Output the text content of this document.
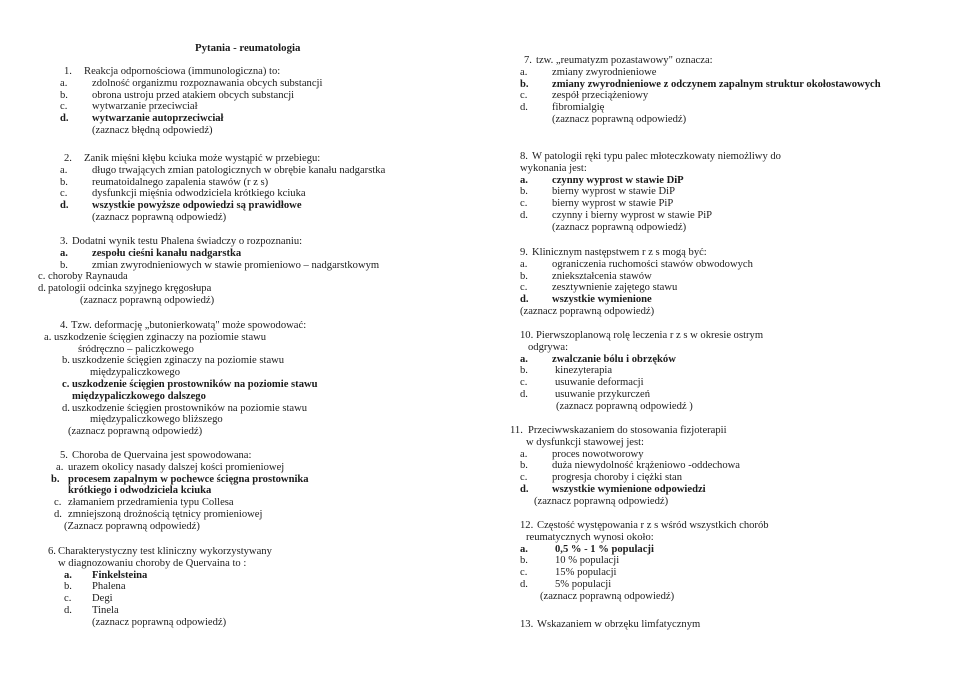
Pytania - reumatologia
1. Reakcja odpornościowa (immunologiczna) to:
a. zdolność organizmu rozpoznawania obcych substancji
b. obrona ustroju przed atakiem obcych substancji
c. wytwarzanie przeciwciał
d. wytwarzanie autoprzeciwciał
(zaznacz błędną odpowiedź)
2. Zanik mięśni kłębu kciuka może wystąpić w przebiegu:
a. długo trwających zmian patologicznych w obrębie kanału nadgarstka
b. reumatoidalnego zapalenia stawów (r z s)
c. dysfunkcji mięśnia odwodziciela krótkiego kciuka
d. wszystkie powyższe odpowiedzi są prawidłowe
(zaznacz poprawną odpowiedź)
3. Dodatni wynik testu Phalena świadczy o rozpoznaniu:
a. zespołu cieśni kanału nadgarstka
b. zmian zwyrodnieniowych w stawie promieniowo – nadgarstkowym
c. choroby Raynauda
d. patologii odcinka szyjnego kręgosłupa
(zaznacz poprawną odpowiedź)
4. Tzw. deformację „butonierkowatą" może spowodować:
a. uszkodzenie ścięgien zginaczy na poziomie stawu
śródręczno – paliczkowego
b. uszkodzenie ścięgien zginaczy na poziomie stawu
międzypaliczkowego
c. uszkodzenie ścięgien prostowników na poziomie stawu
międzypaliczkowego dalszego
d. uszkodzenie ścięgien prostowników na poziomie stawu
międzypaliczkowego bliższego
(zaznacz poprawną odpowiedź)
5. Choroba de Quervaina jest spowodowana:
a. urazem okolicy nasady dalszej kości promieniowej
b. procesem zapalnym w pochewce ścięgna prostownika
krótkiego i odwodziciela kciuka
c. złamaniem przedramienia typu Collesa
d. zmniejszoną drożnością tętnicy promieniowej
(Zaznacz poprawną odpowiedź)
6. Charakterystyczny test kliniczny wykorzystywany
w diagnozowaniu choroby de Quervaina to :
a. Finkelsteina
b. Phalena
c. Degi
d. Tinela
(zaznacz poprawną odpowiedź)
7. tzw. „reumatyzm pozastawowy" oznacza:
a. zmiany zwyrodnieniowe
b. zmiany zwyrodnieniowe z odczynem zapalnym struktur okołostawowych
c. zespół przeciążeniowy
d. fibromialgię
(zaznacz poprawną odpowiedź)
8. W patologii ręki typu palec młoteczkowaty niemożliwy do
wykonania jest:
a. czynny wyprost w stawie DiP
b. bierny wyprost w stawie DiP
c. bierny wyprost w stawie PiP
d. czynny i bierny wyprost w stawie PiP
(zaznacz poprawną odpowiedź)
9. Klinicznym następstwem r z s mogą być:
a. ograniczenia ruchomości stawów obwodowych
b. zniekształcenia stawów
c. zesztywnienie zajętego stawu
d. wszystkie wymienione
(zaznacz poprawną odpowiedź)
10. Pierwszoplanową rolę leczenia r z s w okresie ostrym
odgrywa:
a. zwalczanie bólu i obrzęków
b.	kinezyterapia
c.	usuwanie deformacji
d.	usuwanie przykurczeń
(zaznacz poprawną odpowiedź )
11. Przeciwwskazaniem do stosowania fizjoterapii
w dysfunkcji stawowej jest:
a. proces nowotworowy
b. duża niewydolność krążeniowo -oddechowa
c. progresja choroby i ciężki stan
d. wszystkie wymienione odpowiedzi
(zaznacz poprawną odpowiedź)
12. Częstość występowania r z s wśród wszystkich chorób
reumatycznych wynosi około:
a.	0,5 % - 1 % populacji
b.	10 % populacji
c.	15% populacji
d.	5% populacji
(zaznacz poprawną odpowiedź)
13. Wskazaniem w obrzęku limfatycznym
